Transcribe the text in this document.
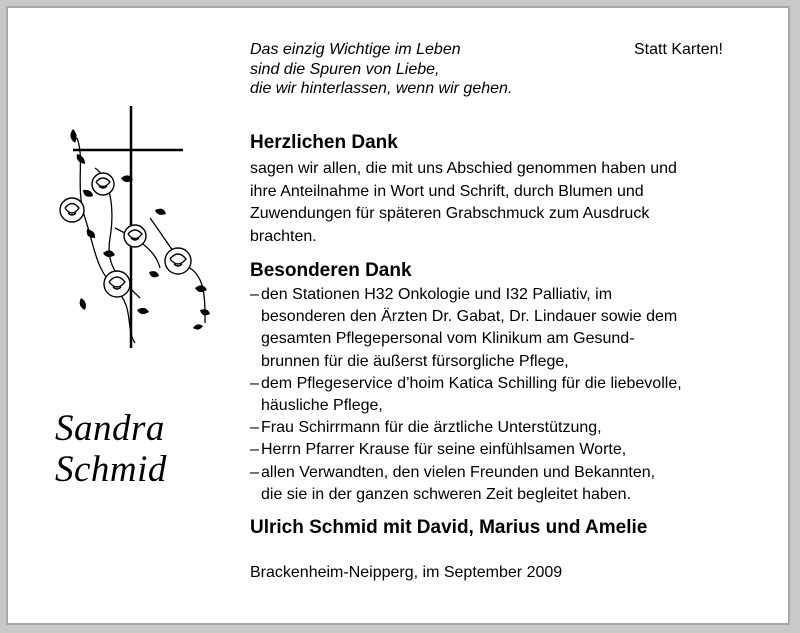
Das einzig Wichtige im Leben
sind die Spuren von Liebe,
die wir hinterlassen, wenn wir gehen.
Statt Karten!
Sandra
Schmid
Herzlichen Dank
sagen wir allen, die mit uns Abschied genommen haben und
ihre Anteilnahme in Wort und Schrift, durch Blumen und
Zuwendungen für späteren Grabschmuck zum Ausdruck
brachten.
Besonderen Dank
– den Stationen H32 Onkologie und I32 Palliativ, im
besonderen den Ärzten Dr. Gabat, Dr. Lindauer sowie dem
gesamten Pflegepersonal vom Klinikum am Gesund-
brunnen für die äußerst fürsorgliche Pflege,
– dem Pflegeservice d’hoim Katica Schilling für die liebevolle,
häusliche Pflege,
– Frau Schirrmann für die ärztliche Unterstützung,
– Herrn Pfarrer Krause für seine einfühlsamen Worte,
– allen Verwandten, den vielen Freunden und Bekannten,
die sie in der ganzen schweren Zeit begleitet haben.
Ulrich Schmid mit David, Marius und Amelie
Brackenheim-Neipperg, im September 2009
